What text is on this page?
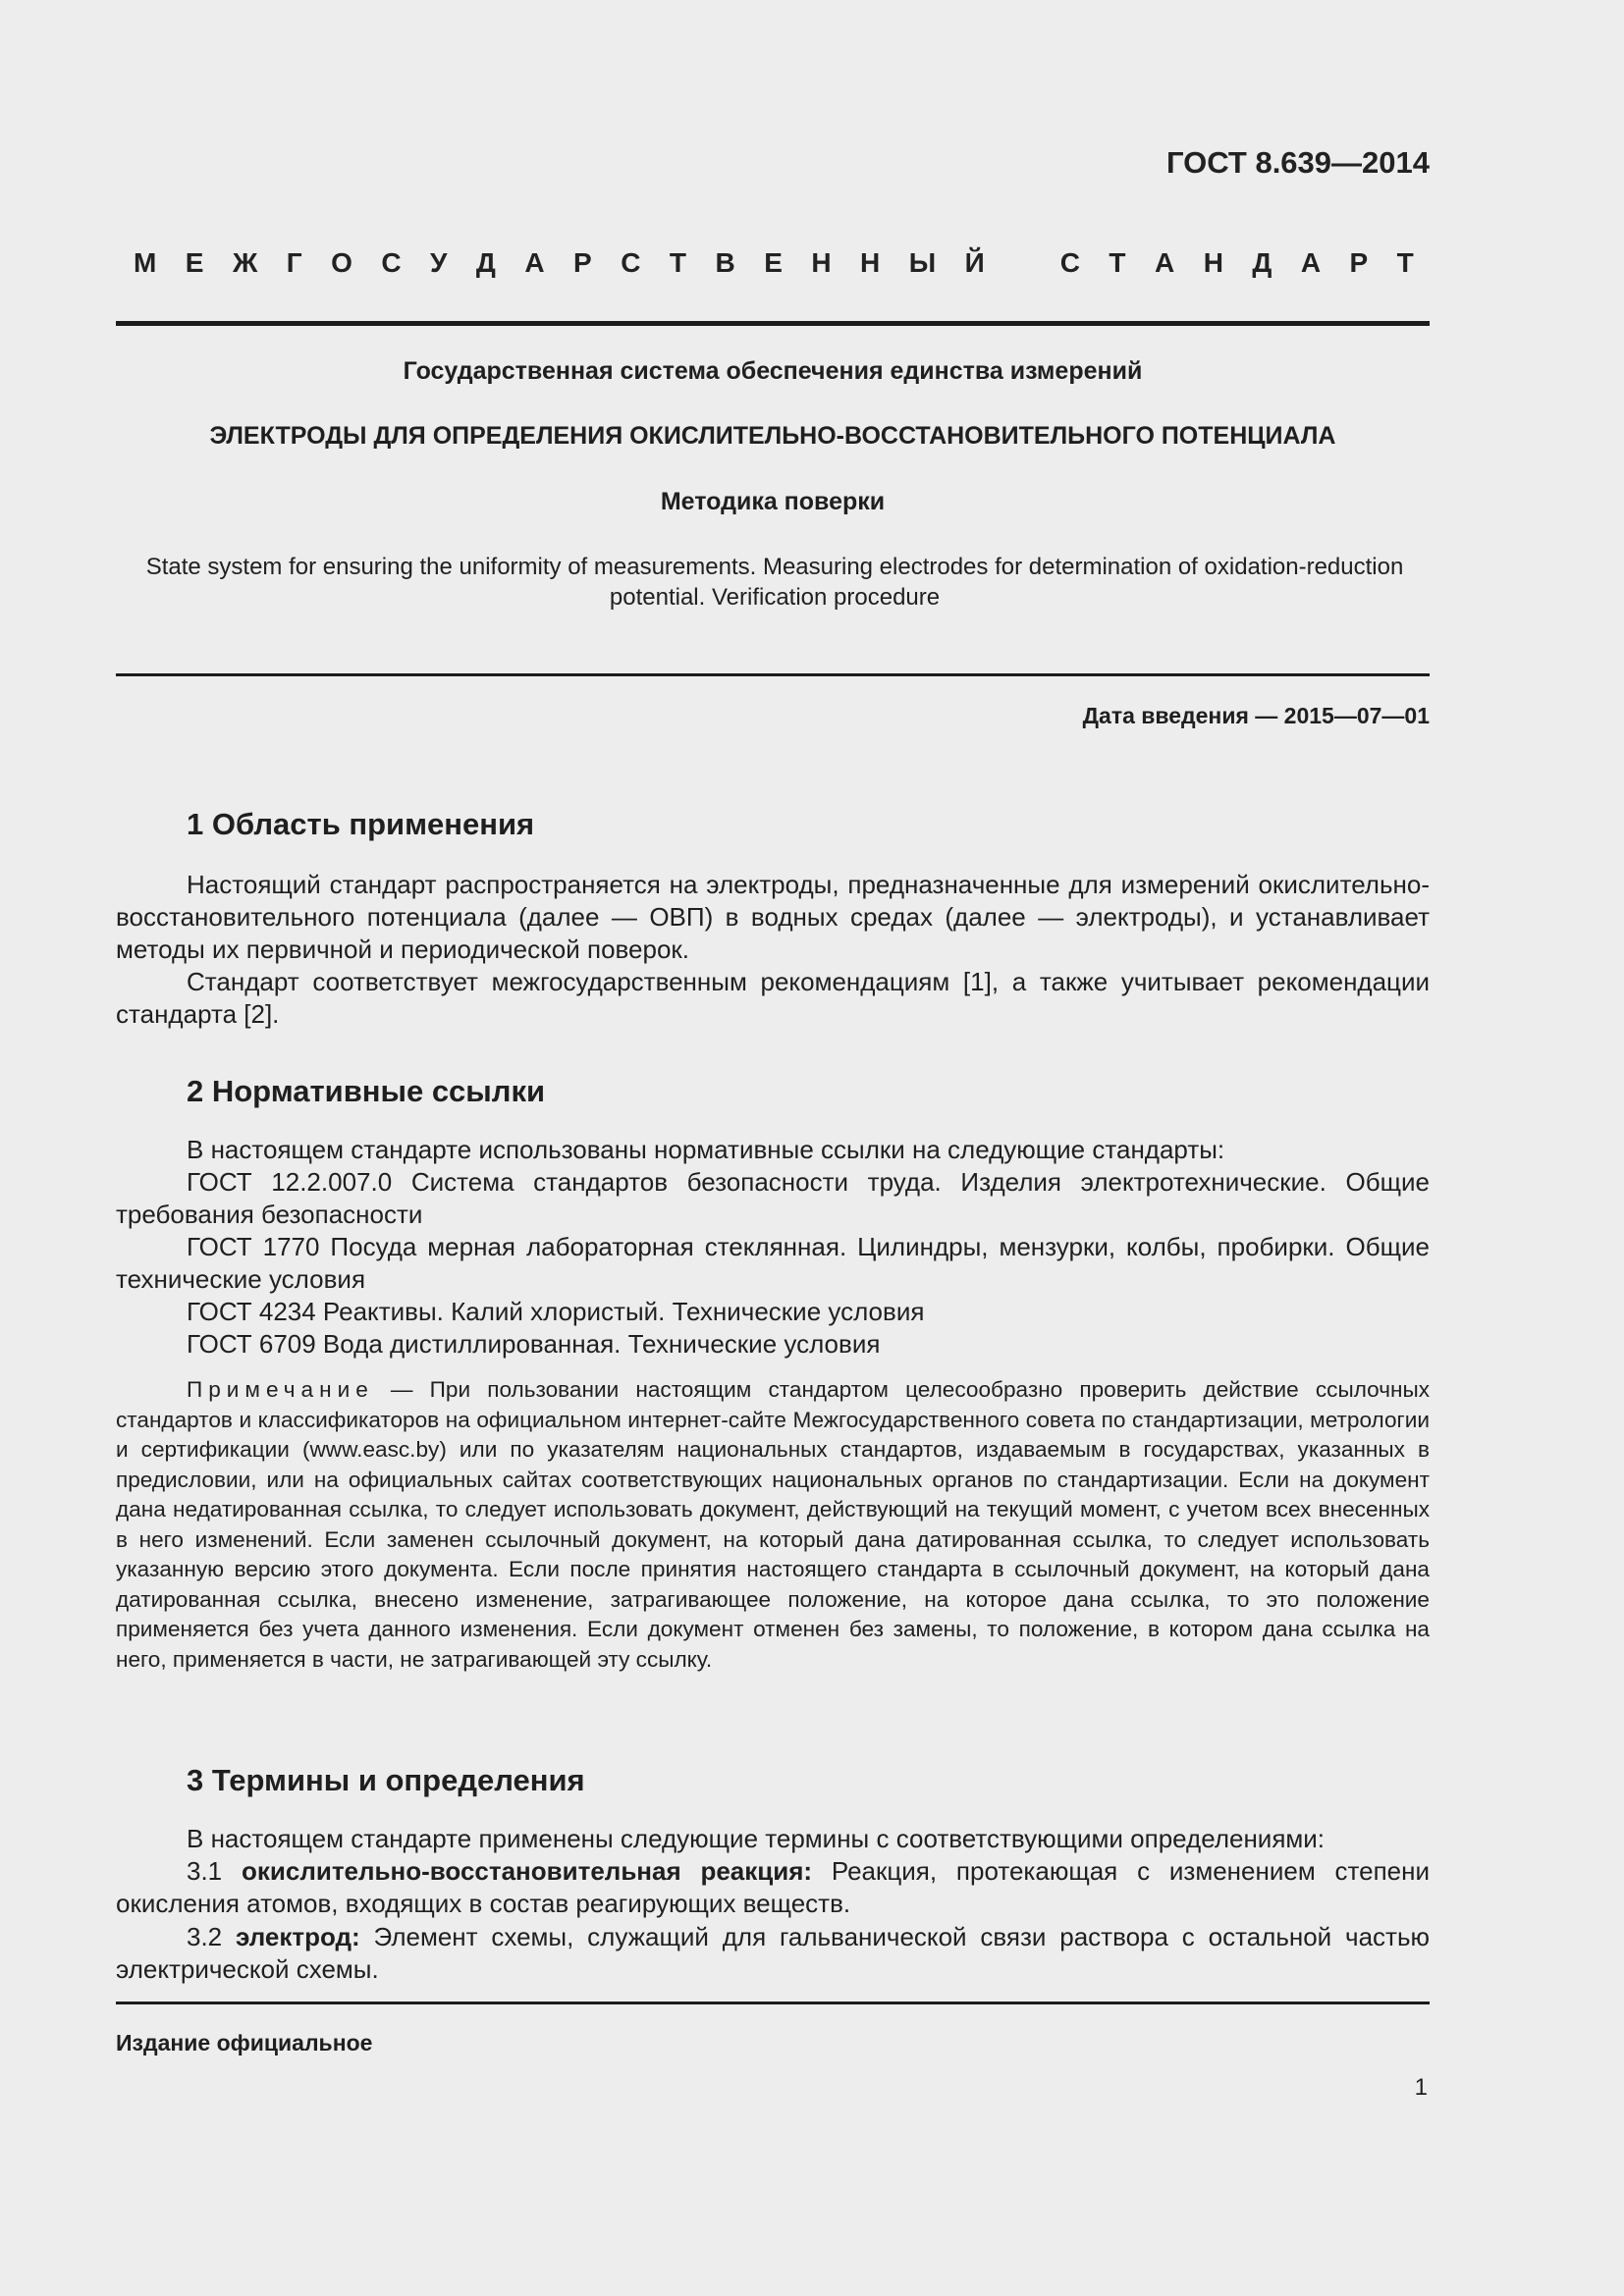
ГОСТ 8.639—2014
М Е Ж Г О С У Д А Р С Т В Е Н Н Ы Й	С Т А Н Д А Р Т
Государственная система обеспечения единства измерений
ЭЛЕКТРОДЫ ДЛЯ ОПРЕДЕЛЕНИЯ ОКИСЛИТЕЛЬНО-ВОССТАНОВИТЕЛЬНОГО ПОТЕНЦИАЛА
Методика поверки
State system for ensuring the uniformity of measurements. Measuring electrodes for determination of oxidation-reduction
potential. Verification procedure
Дата введения — 2015—07—01
1 Область применения

Настоящий стандарт распространяется на электроды, предназначенные для измерений окислительно-восстановительного потенциала (далее — ОВП) в водных средах (далее — электроды), и устанавливает методы их первичной и периодической поверок.

Стандарт соответствует межгосударственным рекомендациям [1], а также учитывает рекомендации стандарта [2].

2 Нормативные ссылки

В настоящем стандарте использованы нормативные ссылки на следующие стандарты:

ГОСТ 12.2.007.0 Система стандартов безопасности труда. Изделия электротехнические. Общие требования безопасности

ГОСТ 1770 Посуда мерная лабораторная стеклянная. Цилиндры, мензурки, колбы, пробирки. Общие технические условия

ГОСТ 4234 Реактивы. Калий хлористый. Технические условия

ГОСТ 6709 Вода дистиллированная. Технические условия

Примечание — При пользовании настоящим стандартом целесообразно проверить действие ссылочных стандартов и классификаторов на официальном интернет-сайте Межгосударственного совета по стандартизации, метрологии и сертификации (www.easc.by) или по указателям национальных стандартов, издаваемым в государствах, указанных в предисловии, или на официальных сайтах соответствующих национальных органов по стандартизации. Если на документ дана недатированная ссылка, то следует использовать документ, действующий на текущий момент, с учетом всех внесенных в него изменений. Если заменен ссылочный документ, на который дана датированная ссылка, то следует использовать указанную версию этого документа. Если после принятия настоящего стандарта в ссылочный документ, на который дана датированная ссылка, внесено изменение, затрагивающее положение, на которое дана ссылка, то это положение применяется без учета данного изменения. Если документ отменен без замены, то положение, в котором дана ссылка на него, применяется в части, не затрагивающей эту ссылку.

3 Термины и определения

В настоящем стандарте применены следующие термины с соответствующими определениями:

3.1 окислительно-восстановительная реакция: Реакция, протекающая с изменением степени окисления атомов, входящих в состав реагирующих веществ.

3.2 электрод: Элемент схемы, служащий для гальванической связи раствора с остальной частью электрической схемы.

Издание официальное
1
